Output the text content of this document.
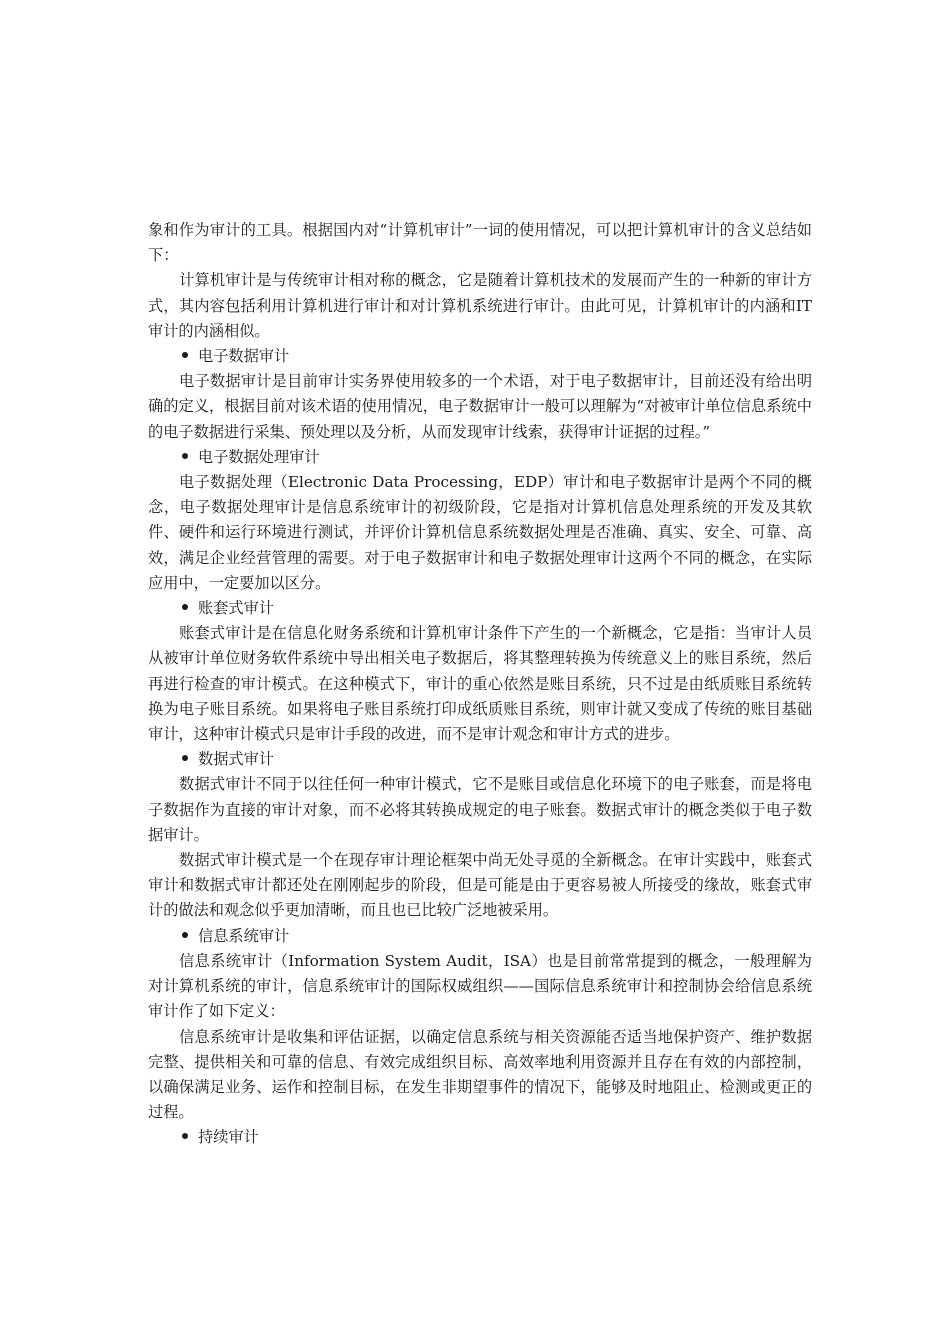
象和作为审计的工具。根据国内对“计算机审计”一词的使用情况，可以把计算机审计的含义总结如下：

计算机审计是与传统审计相对称的概念，它是随着计算机技术的发展而产生的一种新的审计方式，其内容包括利用计算机进行审计和对计算机系统进行审计。由此可见，计算机审计的内涵和IT审计的内涵相似。

电子数据审计

电子数据审计是目前审计实务界使用较多的一个术语，对于电子数据审计，目前还没有给出明确的定义，根据目前对该术语的使用情况，电子数据审计一般可以理解为“对被审计单位信息系统中的电子数据进行采集、预处理以及分析，从而发现审计线索，获得审计证据的过程。”

电子数据处理审计

电子数据处理（Electronic Data Processing，EDP）审计和电子数据审计是两个不同的概念，电子数据处理审计是信息系统审计的初级阶段，它是指对计算机信息处理系统的开发及其软件、硬件和运行环境进行测试，并评价计算机信息系统数据处理是否准确、真实、安全、可靠、高效，满足企业经营管理的需要。对于电子数据审计和电子数据处理审计这两个不同的概念，在实际应用中，一定要加以区分。

账套式审计

账套式审计是在信息化财务系统和计算机审计条件下产生的一个新概念，它是指：当审计人员从被审计单位财务软件系统中导出相关电子数据后，将其整理转换为传统意义上的账目系统，然后再进行检查的审计模式。在这种模式下，审计的重心依然是账目系统，只不过是由纸质账目系统转换为电子账目系统。如果将电子账目系统打印成纸质账目系统，则审计就又变成了传统的账目基础审计，这种审计模式只是审计手段的改进，而不是审计观念和审计方式的进步。

数据式审计

数据式审计不同于以往任何一种审计模式，它不是账目或信息化环境下的电子账套，而是将电子数据作为直接的审计对象，而不必将其转换成规定的电子账套。数据式审计的概念类似于电子数据审计。

数据式审计模式是一个在现存审计理论框架中尚无处寻觅的全新概念。在审计实践中，账套式审计和数据式审计都还处在刚刚起步的阶段，但是可能是由于更容易被人所接受的缘故，账套式审计的做法和观念似乎更加清晰，而且也已比较广泛地被采用。

信息系统审计

信息系统审计（Information System Audit，ISA）也是目前常常提到的概念，一般理解为对计算机系统的审计，信息系统审计的国际权威组织——国际信息系统审计和控制协会给信息系统审计作了如下定义：

信息系统审计是收集和评估证据，以确定信息系统与相关资源能否适当地保护资产、维护数据完整、提供相关和可靠的信息、有效完成组织目标、高效率地利用资源并且存在有效的内部控制，以确保满足业务、运作和控制目标，在发生非期望事件的情况下，能够及时地阻止、检测或更正的过程。

持续审计
